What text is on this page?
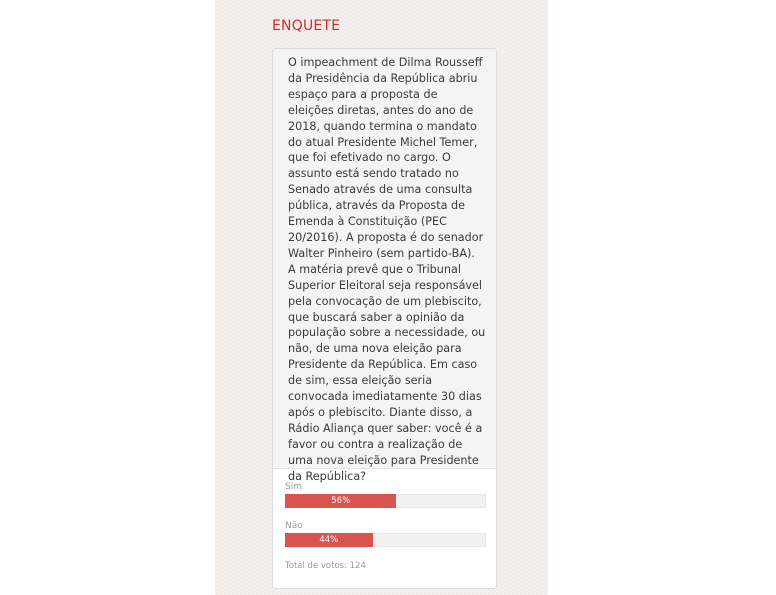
ENQUETE
O impeachment de Dilma Rousseff da Presidência da República abriu espaço para a proposta de eleições diretas, antes do ano de 2018, quando termina o mandato do atual Presidente Michel Temer, que foi efetivado no cargo. O assunto está sendo tratado no Senado através de uma consulta pública, através da Proposta de Emenda à Constituição (PEC 20/2016). A proposta é do senador Walter Pinheiro (sem partido-BA). A matéria prevê que o Tribunal Superior Eleitoral seja responsável pela convocação de um plebiscito, que buscará saber a opinião da população sobre a necessidade, ou não, de uma nova eleição para Presidente da República. Em caso de sim, essa eleição seria convocada imediatamente 30 dias após o plebiscito. Diante disso, a Rádio Aliança quer saber: você é a favor ou contra a realização de uma nova eleição para Presidente da República?
Sim
56%
Não
44%
Total de votos: 124
